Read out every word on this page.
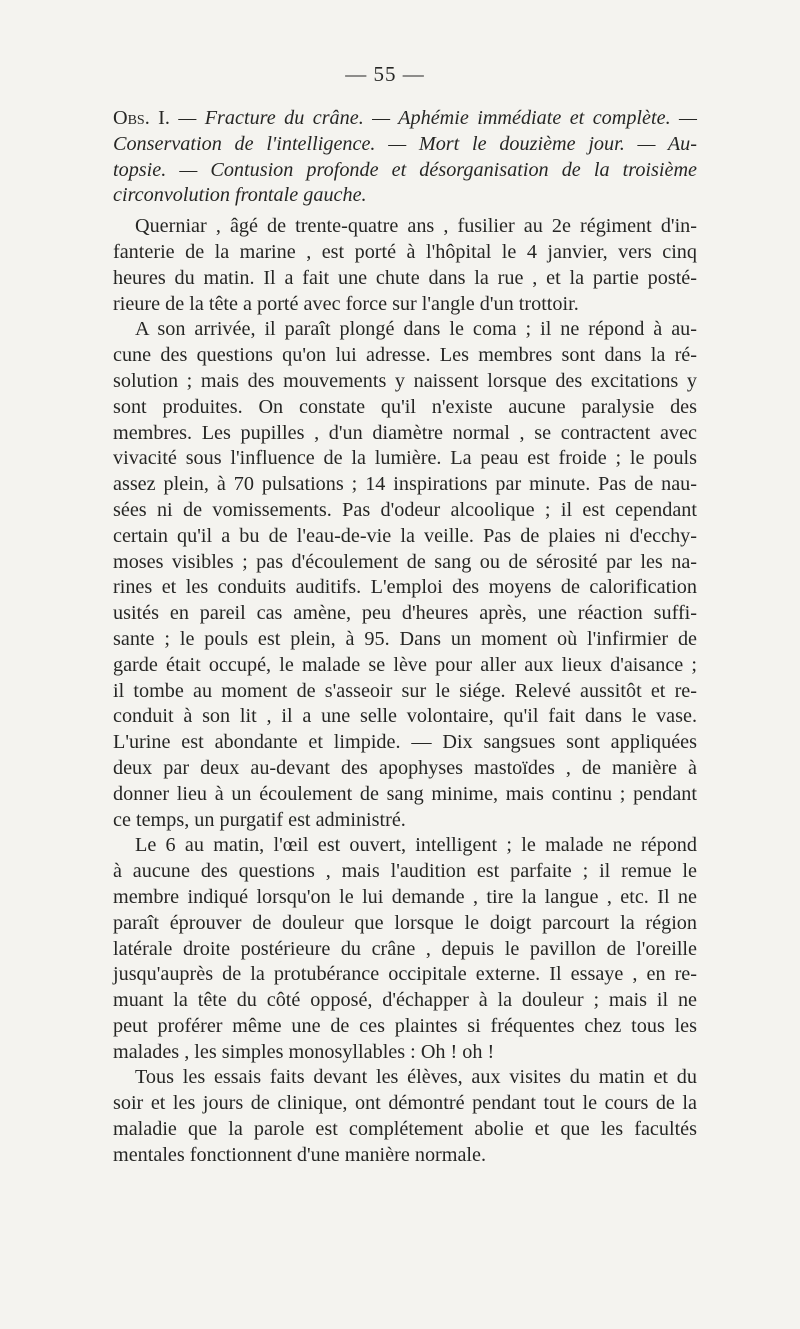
— 55 —
Obs. I. — Fracture du crâne. — Aphémie immédiate et complète. —
Conservation de l'intelligence. — Mort le douzième jour. — Au-
topsie. — Contusion profonde et désorganisation de la troisième
circonvolution frontale gauche.
Querniar , âgé de trente-quatre ans , fusilier au 2e régiment d'in-
fanterie de la marine , est porté à l'hôpital le 4 janvier, vers cinq
heures du matin. Il a fait une chute dans la rue , et la partie posté-
rieure de la tête a porté avec force sur l'angle d'un trottoir.
A son arrivée, il paraît plongé dans le coma ; il ne répond à au-
cune des questions qu'on lui adresse. Les membres sont dans la ré-
solution ; mais des mouvements y naissent lorsque des excitations y
sont produites. On constate qu'il n'existe aucune paralysie des
membres. Les pupilles , d'un diamètre normal , se contractent avec
vivacité sous l'influence de la lumière. La peau est froide ; le pouls
assez plein, à 70 pulsations ; 14 inspirations par minute. Pas de nau-
sées ni de vomissements. Pas d'odeur alcoolique ; il est cependant
certain qu'il a bu de l'eau-de-vie la veille. Pas de plaies ni d'ecchy-
moses visibles ; pas d'écoulement de sang ou de sérosité par les na-
rines et les conduits auditifs. L'emploi des moyens de calorification
usités en pareil cas amène, peu d'heures après, une réaction suffi-
sante ; le pouls est plein, à 95. Dans un moment où l'infirmier de
garde était occupé, le malade se lève pour aller aux lieux d'aisance ;
il tombe au moment de s'asseoir sur le siége. Relevé aussitôt et re-
conduit à son lit , il a une selle volontaire, qu'il fait dans le vase.
L'urine est abondante et limpide. — Dix sangsues sont appliquées
deux par deux au-devant des apophyses mastoïdes , de manière à
donner lieu à un écoulement de sang minime, mais continu ; pendant
ce temps, un purgatif est administré.
Le 6 au matin, l'œil est ouvert, intelligent ; le malade ne répond
à aucune des questions , mais l'audition est parfaite ; il remue le
membre indiqué lorsqu'on le lui demande , tire la langue , etc. Il ne
paraît éprouver de douleur que lorsque le doigt parcourt la région
latérale droite postérieure du crâne , depuis le pavillon de l'oreille
jusqu'auprès de la protubérance occipitale externe. Il essaye , en re-
muant la tête du côté opposé, d'échapper à la douleur ; mais il ne
peut proférer même une de ces plaintes si fréquentes chez tous les
malades , les simples monosyllables : Oh ! oh !
Tous les essais faits devant les élèves, aux visites du matin et du
soir et les jours de clinique, ont démontré pendant tout le cours de la
maladie que la parole est complétement abolie et que les facultés
mentales fonctionnent d'une manière normale.
